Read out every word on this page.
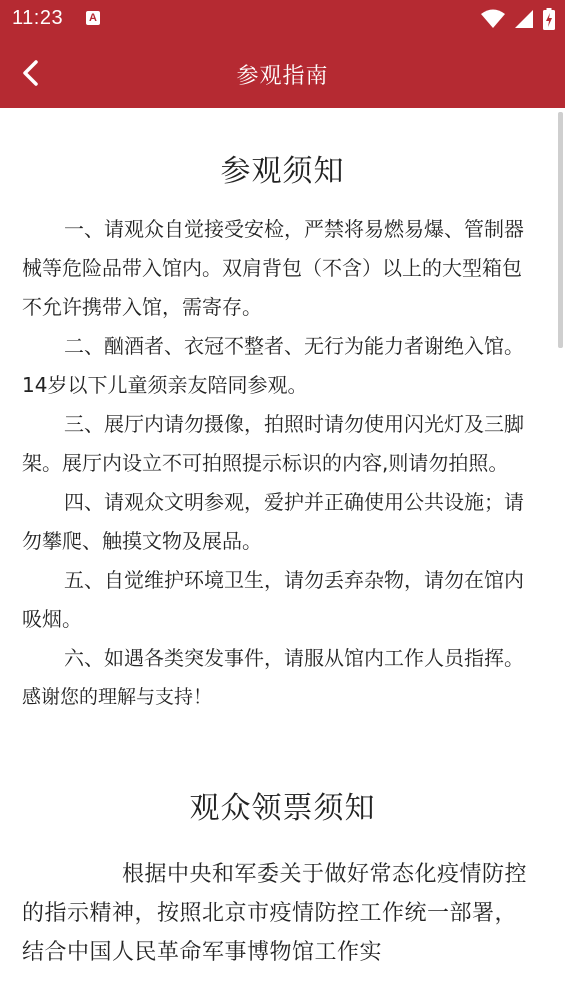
11:23 A

参观指南
参观须知

一、请观众自觉接受安检，严禁将易燃易爆、管制器械等危险品带入馆内。双肩背包（不含）以上的大型箱包不允许携带入馆，需寄存。

二、酗酒者、衣冠不整者、无行为能力者谢绝入馆。14岁以下儿童须亲友陪同参观。

三、展厅内请勿摄像，拍照时请勿使用闪光灯及三脚架。展厅内设立不可拍照提示标识的内容,则请勿拍照。

四、请观众文明参观，爱护并正确使用公共设施；请勿攀爬、触摸文物及展品。

五、自觉维护环境卫生，请勿丢弃杂物，请勿在馆内吸烟。

六、如遇各类突发事件，请服从馆内工作人员指挥。

感谢您的理解与支持！

观众领票须知

根据中央和军委关于做好常态化疫情防控的指示精神，按照北京市疫情防控工作统一部署，结合中国人民革命军事博物馆工作实
